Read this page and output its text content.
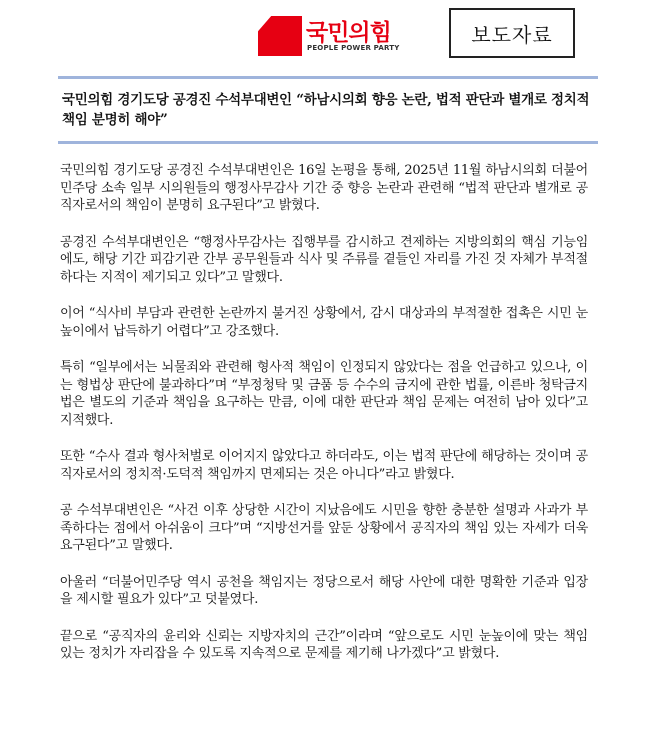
국민의힘
PEOPLE POWER PARTY
보도자료
국민의힘 경기도당 공경진 수석부대변인 “하남시의회 향응 논란, 법적 판단과 별개로 정치적 책임 분명히 해야”

국민의힘 경기도당 공경진 수석부대변인은 16일 논평을 통해, 2025년 11월 하남시의회 더불어민주당 소속 일부 시의원들의 행정사무감사 기간 중 향응 논란과 관련해 “법적 판단과 별개로 공직자로서의 책임이 분명히 요구된다”고 밝혔다.

공경진 수석부대변인은 “행정사무감사는 집행부를 감시하고 견제하는 지방의회의 핵심 기능임에도, 해당 기간 피감기관 간부 공무원들과 식사 및 주류를 곁들인 자리를 가진 것 자체가 부적절하다는 지적이 제기되고 있다”고 말했다.

이어 “식사비 부담과 관련한 논란까지 불거진 상황에서, 감시 대상과의 부적절한 접촉은 시민 눈높이에서 납득하기 어렵다”고 강조했다.

특히 “일부에서는 뇌물죄와 관련해 형사적 책임이 인정되지 않았다는 점을 언급하고 있으나, 이는 형법상 판단에 불과하다”며 “부정청탁 및 금품 등 수수의 금지에 관한 법률, 이른바 청탁금지법은 별도의 기준과 책임을 요구하는 만큼, 이에 대한 판단과 책임 문제는 여전히 남아 있다”고 지적했다.

또한 “수사 결과 형사처벌로 이어지지 않았다고 하더라도, 이는 법적 판단에 해당하는 것이며 공직자로서의 정치적·도덕적 책임까지 면제되는 것은 아니다”라고 밝혔다.

공 수석부대변인은 “사건 이후 상당한 시간이 지났음에도 시민을 향한 충분한 설명과 사과가 부족하다는 점에서 아쉬움이 크다”며 “지방선거를 앞둔 상황에서 공직자의 책임 있는 자세가 더욱 요구된다”고 말했다.

아울러 “더불어민주당 역시 공천을 책임지는 정당으로서 해당 사안에 대한 명확한 기준과 입장을 제시할 필요가 있다”고 덧붙였다.

끝으로 “공직자의 윤리와 신뢰는 지방자치의 근간”이라며 “앞으로도 시민 눈높이에 맞는 책임 있는 정치가 자리잡을 수 있도록 지속적으로 문제를 제기해 나가겠다”고 밝혔다.
